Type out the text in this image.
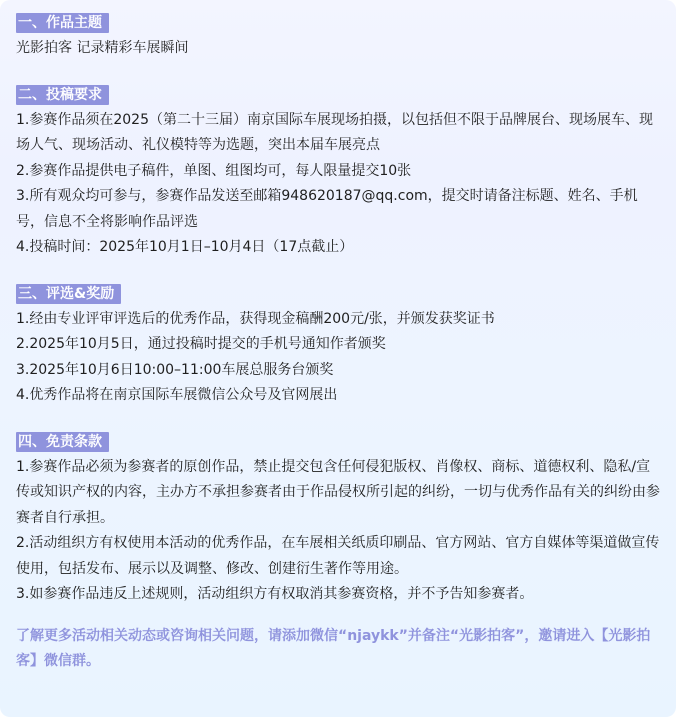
一、作品主题

光影拍客 记录精彩车展瞬间

二、投稿要求

1.参赛作品须在2025（第二十三届）南京国际车展现场拍摄，以包括但不限于品牌展台、现场展车、现场人气、现场活动、礼仪模特等为选题，突出本届车展亮点

2.参赛作品提供电子稿件，单图、组图均可，每人限量提交10张

3.所有观众均可参与，参赛作品发送至邮箱948620187@qq.com，提交时请备注标题、姓名、手机号，信息不全将影响作品评选

4.投稿时间：2025年10月1日–10月4日（17点截止）

三、评选&奖励

1.经由专业评审评选后的优秀作品，获得现金稿酬200元/张，并颁发获奖证书

2.2025年10月5日，通过投稿时提交的手机号通知作者颁奖

3.2025年10月6日10:00–11:00车展总服务台颁奖

4.优秀作品将在南京国际车展微信公众号及官网展出

四、免责条款

1.参赛作品必须为参赛者的原创作品，禁止提交包含任何侵犯版权、肖像权、商标、道德权利、隐私/宣传或知识产权的内容，主办方不承担参赛者由于作品侵权所引起的纠纷，一切与优秀作品有关的纠纷由参赛者自行承担。

2.活动组织方有权使用本活动的优秀作品，在车展相关纸质印刷品、官方网站、官方自媒体等渠道做宣传使用，包括发布、展示以及调整、修改、创建衍生著作等用途。

3.如参赛作品违反上述规则，活动组织方有权取消其参赛资格，并不予告知参赛者。

了解更多活动相关动态或咨询相关问题，请添加微信“njaykk”并备注“光影拍客”，邀请进入【光影拍客】微信群。
